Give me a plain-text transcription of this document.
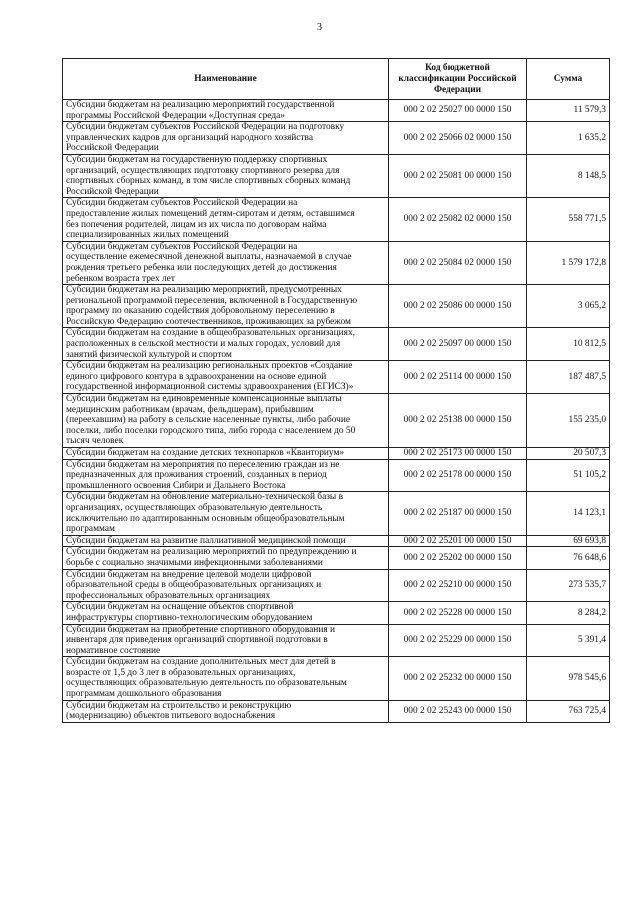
3
Наименование	Код бюджетной
классификации Российской
Федерации	Сумма
Субсидии бюджетам на реализацию мероприятий государственной
программы Российской Федерации «Доступная среда»	000 2 02 25027 00 0000 150	11 579,3
Субсидии бюджетам субъектов Российской Федерации на подготовку
управленческих кадров для организаций народного хозяйства
Российской Федерации	000 2 02 25066 02 0000 150	1 635,2
Субсидии бюджетам на государственную поддержку спортивных
организаций, осуществляющих подготовку спортивного резерва для
спортивных сборных команд, в том числе спортивных сборных команд
Российской Федерации	000 2 02 25081 00 0000 150	8 148,5
Субсидии бюджетам субъектов Российской Федерации на
предоставление жилых помещений детям-сиротам и детям, оставшимся
без попечения родителей, лицам из их числа по договорам найма
специализированных жилых помещений	000 2 02 25082 02 0000 150	558 771,5
Субсидии бюджетам субъектов Российской Федерации на
осуществление ежемесячной денежной выплаты, назначаемой в случае
рождения третьего ребенка или последующих детей до достижения
ребенком возраста трех лет	000 2 02 25084 02 0000 150	1 579 172,8
Субсидии бюджетам на реализацию мероприятий, предусмотренных
региональной программой переселения, включенной в Государственную
программу по оказанию содействия добровольному переселению в
Российскую Федерацию соотечественников, проживающих за рубежом	000 2 02 25086 00 0000 150	3 065,2
Субсидии бюджетам на создание в общеобразовательных организациях,
расположенных в сельской местности и малых городах, условий для
занятий физической культурой и спортом	000 2 02 25097 00 0000 150	10 812,5
Субсидии бюджетам на реализацию региональных проектов «Создание
единого цифрового контура в здравоохранении на основе единой
государственной информационной системы здравоохранения (ЕГИСЗ)»	000 2 02 25114 00 0000 150	187 487,5
Субсидии бюджетам на единовременные компенсационные выплаты
медицинским работникам (врачам, фельдшерам), прибывшим
(переехавшим) на работу в сельские населенные пункты, либо рабочие
поселки, либо поселки городского типа, либо города с населением до 50
тысяч человек	000 2 02 25138 00 0000 150	155 235,0
Субсидии бюджетам на создание детских технопарков «Кванториум»	000 2 02 25173 00 0000 150	20 507,3
Субсидии бюджетам на мероприятия по переселению граждан из не
предназначенных для проживания строений, созданных в период
промышленного освоения Сибири и Дальнего Востока	000 2 02 25178 00 0000 150	51 105,2
Субсидии бюджетам на обновление материально-технической базы в
организациях, осуществляющих образовательную деятельность
исключительно по адаптированным основным общеобразовательным
программам	000 2 02 25187 00 0000 150	14 123,1
Субсидии бюджетам на развитие паллиативной медицинской помощи	000 2 02 25201 00 0000 150	69 693,8
Субсидии бюджетам на реализацию мероприятий по предупреждению и
борьбе с социально значимыми инфекционными заболеваниями	000 2 02 25202 00 0000 150	76 648,6
Субсидии бюджетам на внедрение целевой модели цифровой
образовательной среды в общеобразовательных организациях и
профессиональных образовательных организациях	000 2 02 25210 00 0000 150	273 535,7
Субсидии бюджетам на оснащение объектов спортивной
инфраструктуры спортивно-технологическим оборудованием	000 2 02 25228 00 0000 150	8 284,2
Субсидии бюджетам на приобретение спортивного оборудования и
инвентаря для приведения организаций спортивной подготовки в
нормативное состояние	000 2 02 25229 00 0000 150	5 391,4
Субсидии бюджетам на создание дополнительных мест для детей в
возрасте от 1,5 до 3 лет в образовательных организациях,
осуществляющих образовательную деятельность по образовательным
программам дошкольного образования	000 2 02 25232 00 0000 150	978 545,6
Субсидии бюджетам на строительство и реконструкцию
(модернизацию) объектов питьевого водоснабжения	000 2 02 25243 00 0000 150	763 725,4
